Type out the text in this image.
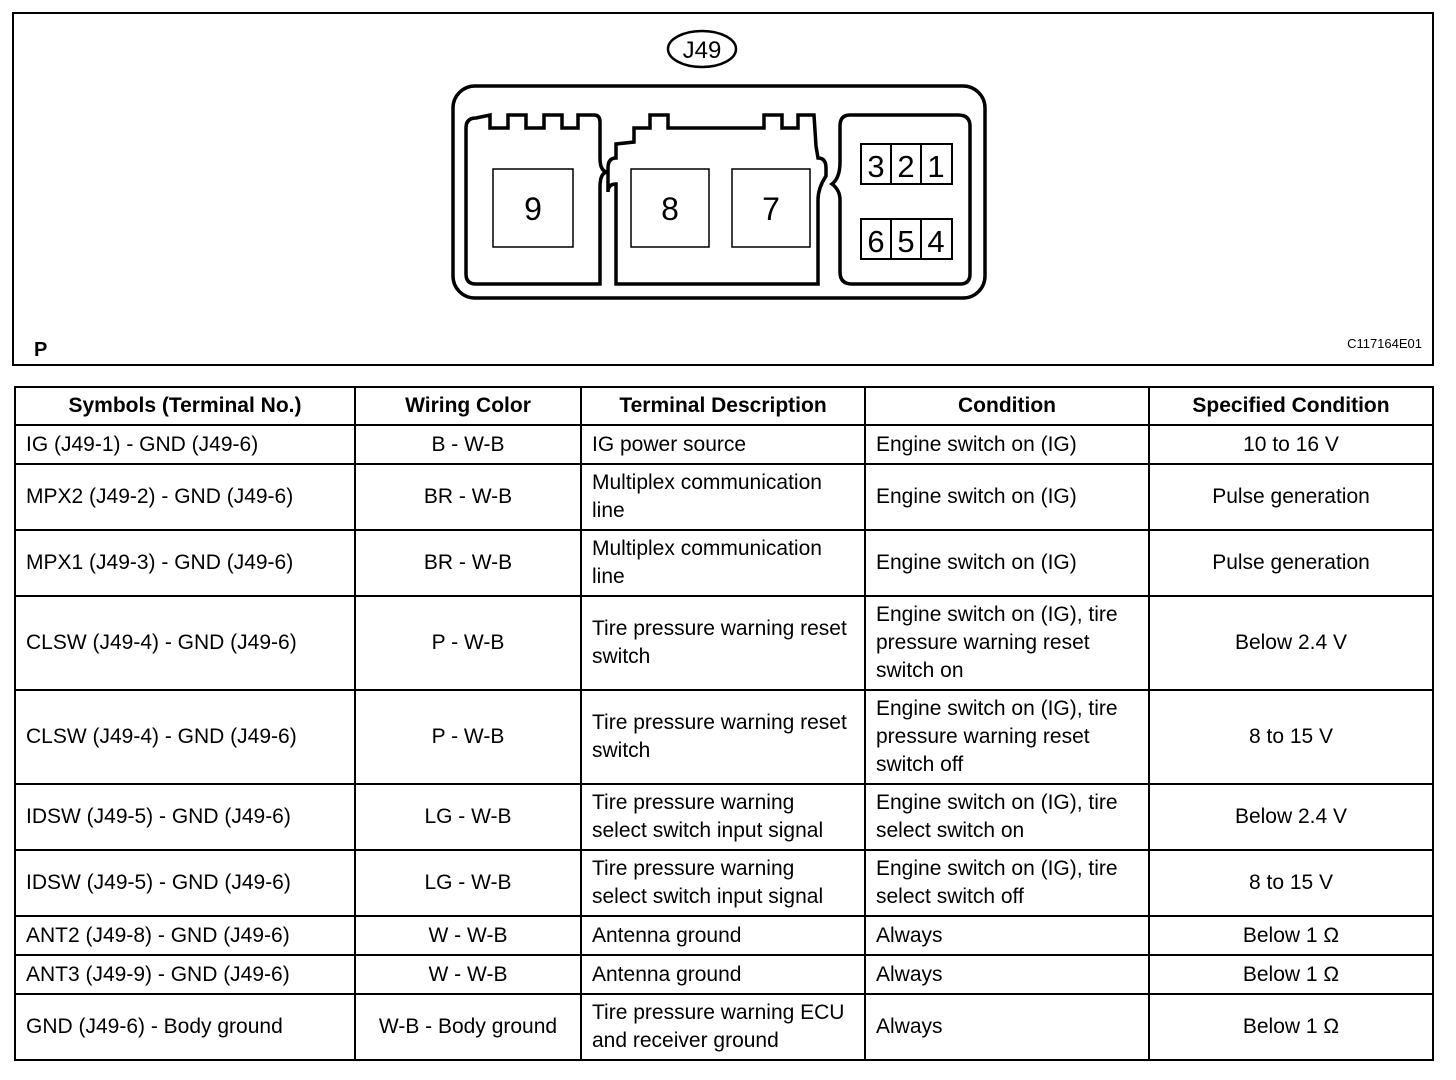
J49
9	8	7
3 2 1
6 5 4
P	C117164E01
Symbols (Terminal No.)	Wiring Color	Terminal Description	Condition	Specified Condition
IG (J49-1) - GND (J49-6)	B - W-B	IG power source	Engine switch on (IG)	10 to 16 V
MPX2 (J49-2) - GND (J49-6)	BR - W-B	Multiplex communication line	Engine switch on (IG)	Pulse generation
MPX1 (J49-3) - GND (J49-6)	BR - W-B	Multiplex communication line	Engine switch on (IG)	Pulse generation
CLSW (J49-4) - GND (J49-6)	P - W-B	Tire pressure warning reset switch	Engine switch on (IG), tire pressure warning reset switch on	Below 2.4 V
CLSW (J49-4) - GND (J49-6)	P - W-B	Tire pressure warning reset switch	Engine switch on (IG), tire pressure warning reset switch off	8 to 15 V
IDSW (J49-5) - GND (J49-6)	LG - W-B	Tire pressure warning select switch input signal	Engine switch on (IG), tire select switch on	Below 2.4 V
IDSW (J49-5) - GND (J49-6)	LG - W-B	Tire pressure warning select switch input signal	Engine switch on (IG), tire select switch off	8 to 15 V
ANT2 (J49-8) - GND (J49-6)	W - W-B	Antenna ground	Always	Below 1 Ω
ANT3 (J49-9) - GND (J49-6)	W - W-B	Antenna ground	Always	Below 1 Ω
GND (J49-6) - Body ground	W-B - Body ground	Tire pressure warning ECU and receiver ground	Always	Below 1 Ω
